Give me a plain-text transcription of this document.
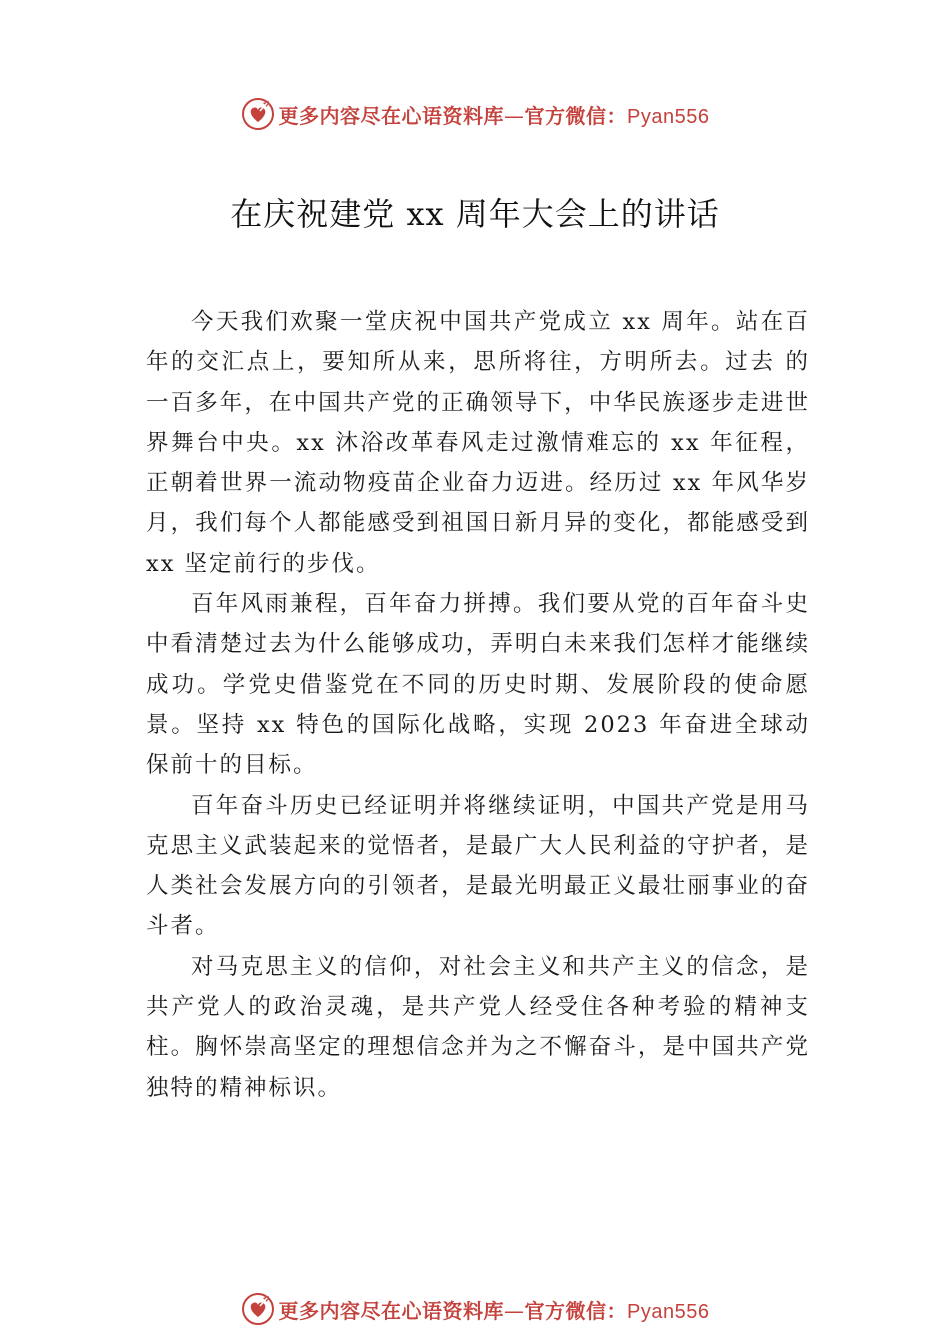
更多内容尽在心语资料库—官方微信：Pyan556
在庆祝建党 xx 周年大会上的讲话

今天我们欢聚一堂庆祝中国共产党成立 xx 周年。站在百年的交汇点上，要知所从来，思所将往，方明所去。过去 的一百多年，在中国共产党的正确领导下，中华民族逐步走进世界舞台中央。xx 沐浴改革春风走过激情难忘的 xx 年征程，正朝着世界一流动物疫苗企业奋力迈进。经历过 xx 年风华岁月，我们每个人都能感受到祖国日新月异的变化，都能感受到 xx 坚定前行的步伐。

百年风雨兼程，百年奋力拼搏。我们要从党的百年奋斗史中看清楚过去为什么能够成功，弄明白未来我们怎样才能继续成功。学党史借鉴党在不同的历史时期、发展阶段的使命愿景。坚持 xx 特色的国际化战略，实现 2023 年奋进全球动保前十的目标。

百年奋斗历史已经证明并将继续证明，中国共产党是用马克思主义武装起来的觉悟者，是最广大人民利益的守护者，是人类社会发展方向的引领者，是最光明最正义最壮丽事业的奋斗者。

对马克思主义的信仰，对社会主义和共产主义的信念，是共产党人的政治灵魂，是共产党人经受住各种考验的精神支柱。胸怀崇高坚定的理想信念并为之不懈奋斗，是中国共产党独特的精神标识。

更多内容尽在心语资料库—官方微信：Pyan556
